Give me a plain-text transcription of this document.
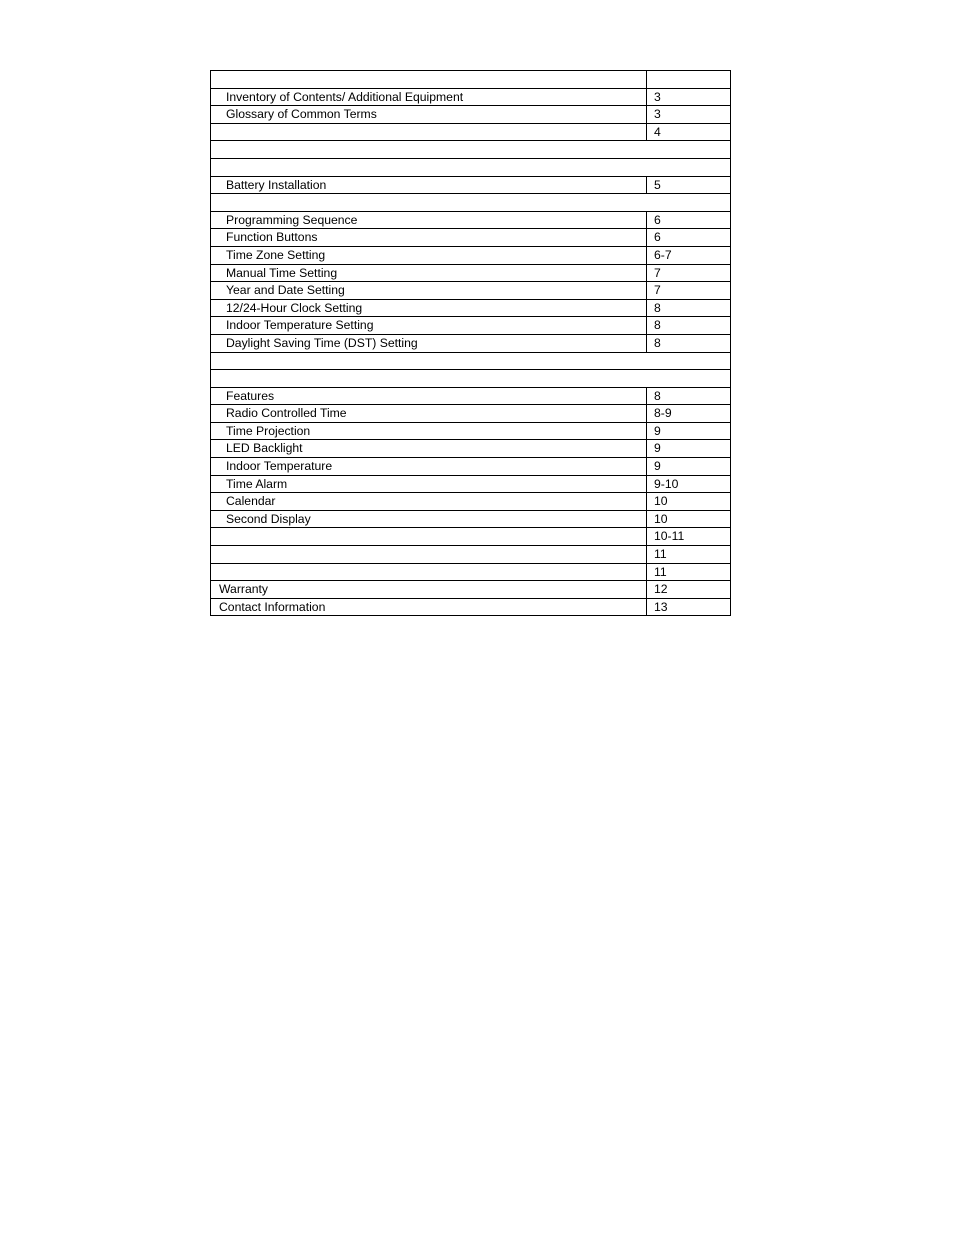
Inventory of Contents/ Additional Equipment	3
Glossary of Common Terms	3
	4

Battery Installation	5

Programming Sequence	6
Function Buttons	6
Time Zone Setting	6-7
Manual Time Setting	7
Year and Date Setting	7
12/24-Hour Clock Setting	8
Indoor Temperature Setting	8
Daylight Saving Time (DST) Setting	8

Features	8
Radio Controlled Time	8-9
Time Projection	9
LED Backlight	9
Indoor Temperature	9
Time Alarm	9-10
Calendar	10
Second Display	10
	10-11
	11
	11
Warranty	12
Contact Information	13
